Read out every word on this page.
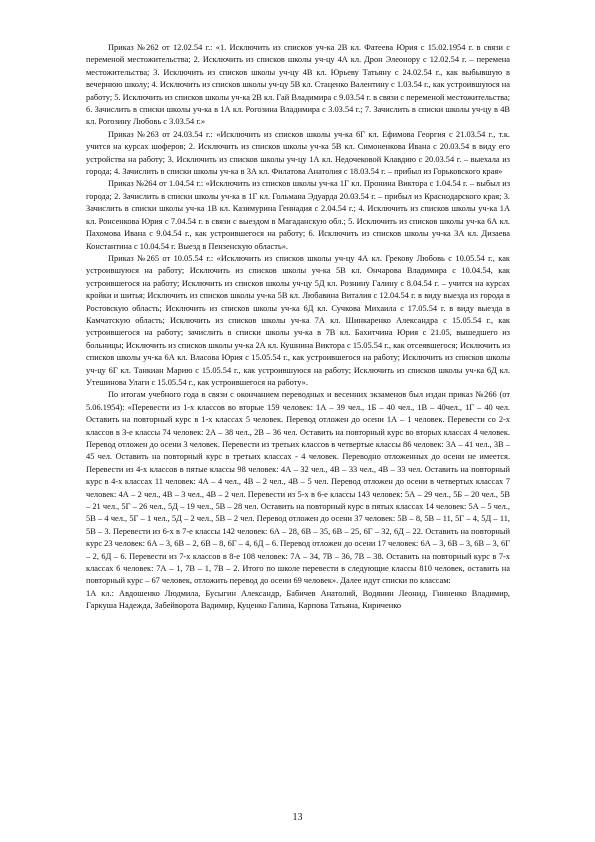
Приказ №262 от 12.02.54 г.: «1. Исключить из списков уч-ка 2В кл. Фатеева Юрия с 15.02.1954 г. в связи с переменой местожительства; 2. Исключить из списков школы уч-цу 4А кл. Дрон Элеонору с 12.02.54 г. – перемена местожительства; 3. Исключить из списков школы уч-цу 4В кл. Юрьеву Татьяну с 24.02.54 г., как выбывшую в вечернюю школу; 4. Исключить из списков школы уч-цу 5В кл. Стаценко Валентину с 1.03.54 г., как устроившуюся на работу; 5. Исключить из списков школы уч-ка 2В кл. Гай Владимира с 9.03.54 г. в связи с переменой местожительства; 6. Зачислить в списки школы уч-ка в 1А кл. Рогозина Владимира с 3.03.54 г.; 7. Зачислить в списки школы уч-цу в 4В кл. Рогозину Любовь с 3.03.54 г.»

Приказ №263 от 24.03.54 г.: «Исключить из списков школы уч-ка 6Г кл. Ефимова Георгия с 21.03.54 г., т.к. учится на курсах шоферов; 2. Исключить из списков школы уч-ка 5В кл. Симоненкова Ивана с 20.03.54 в виду его устройства на работу; 3. Исключить из списков школы уч-цу 1А кл. Недочековой Клавдию с 20.03.54 г. – выехала из города; 4. Зачислить в списки школы уч-ка в 3А кл. Филатова Анатолия с 18.03.54 г. – прибыл из Горьковского края»

Приказ №264 от 1.04.54 г.: «Исключить из списков школы уч-ка 1Г кл. Пронина Виктора с 1.04.54 г. – выбыл из города; 2. Зачислить в списки школы уч-ка в 1Г кл. Гольмана Эдуарда 20.03.54 г. – прибыл из Краснодарского края; 3. Зачислить в списки школы уч-ка 1В кл. Казимурина Геннадия с 2.04.54 г.; 4. Исключить из списков школы уч-ка 1А кл. Ронсенкова Юрия с 7.04.54 г. в связи с выездом в Магаданскую обл.; 5. Исключить из списков школы уч-ка 6А кл. Пахомова Ивана с 9.04.54 г., как устроившегося на работу; 6. Исключить из списков школы уч-ка 3А кл. Дизаева Константина с 10.04.54 г. Выезд в Пензенскую область».

Приказ №265 от 10.05.54 г.: «Исключить из списков школы уч-цу 4А кл. Грекову Любовь с 10.05.54 г., как устроившуюся на работу; Исключить из списков школы уч-ка 5В кл. Ончарова Владимира с 10.04.54, как устроившегося на работу; Исключить из списков школы уч-цу 5Д кл. Рознину Галину с 8.04.54 г. – учится на курсах кройки и шитья; Исключить из списков школы уч-ка 5В кл. Любавина Виталия с 12.04.54 г. в виду выезда из города в Ростовскую область; Исключить из списков школы уч-ка 6Д кл. Сучкова Михаила с 17.05.54 г. в виду выезда в Камчатскую область; Исключить из списков школы уч-ка 7А кл. Шинкаренко Александра с 15.05.54 г., как устроившегося на работу; зачислить в списки школы уч-ка в 7В кл. Бахитчина Юрия с 21.05, вышедшего из больницы; Исключить из списков школы уч-ка 2А кл. Кушнина Виктора с 15.05.54 г., как отсеявшегося; Исключить из списков школы уч-ка 6А кл. Власова Юрия с 15.05.54 г., как устроившегося на работу; Исключить из списков школы уч-цу 6Г кл. Танкиан Марию с 15.05.54 г., как устроившуюся на работу; Исключить из списков школы уч-ка 6Д кл. Утешинова Улаги с 15.05.54 г., как устроившегося на работу».

По итогам учебного года в связи с окончанием переводных и весенних экзаменов был издан приказ №266 (от 5.06.1954): «Перевести из 1-х классов во вторые 159 человек: 1А – 39 чел., 1Б – 40 чел., 1В – 40чел., 1Г – 40 чел. Оставить на повторный курс в 1-х классах 5 человек. Перевод отложен до осени 1А – 1 человек. Перевести со 2-х классов в 3-е классы 74 человек: 2А – 38 чел., 2В – 36 чел. Оставить на повторный курс во вторых классах 4 человек. Перевод отложен до осени 3 человек. Перевести из третьих классов в четвертые классы 86 человек: 3А – 41 чел., 3В – 45 чел. Оставить на повторный курс в третьих классах - 4 человек. Переводно отложенных до осени не имеется. Перевести из 4-х классов в пятые классы 98 человек: 4А – 32 чел., 4В – 33 чел., 4В – 33 чел. Оставить на повторный курс в 4-х классах 11 человек: 4А – 4 чел., 4В – 2 чел., 4В – 5 чел. Перевод отложен до осени в четвертых классах 7 человек: 4А – 2 чел., 4В – 3 чел., 4В – 2 чел. Перевести из 5-х в 6-е классы 143 человек: 5А – 29 чел., 5Б – 20 чел., 5В – 21 чел., 5Г – 26 чел., 5Д – 19 чел., 5В – 28 чел. Оставить на повторный курс в пятых классах 14 человек: 5А – 5 чел., 5В – 4 чел., 5Г – 1 чел., 5Д – 2 чел., 5В – 2 чел. Перевод отложен до осени 37 человек: 5В – 8, 5В – 11, 5Г – 4, 5Д – 11, 5В – 3. Перевести из 6-х в 7-е классы 142 человек: 6А – 28, 6В – 35, 6В – 25, 6Г – 32, 6Д – 22. Оставить на повторный курс 23 человек: 6А – 3, 6В – 2, 6В – 8, 6Г – 4, 6Д – 6. Перевод отложен до осени 17 человек: 6А – 3, 6В – 3, 6В – 3, 6Г – 2, 6Д – 6. Перевести из 7-х классов в 8-е 108 человек: 7А – 34, 7В – 36, 7В – 38. Оставить на повторный курс в 7-х классах 6 человек: 7А – 1, 7В – 1, 7В – 2. Итого по школе перевести в следующие классы 810 человек, оставить на повторный курс – 67 человек, отложить перевод до осени 69 человек». Далее идут списки по классам:

1А кл.: Авдошенко Людмила, Бусыгин Александр, Бабичев Анатолий, Водянин Леонид, Гниненко Владимир, Гаркуша Надежда, Забейворота Вадимир, Куценко Галина, Карпова Татьяна, Кириченко

13
